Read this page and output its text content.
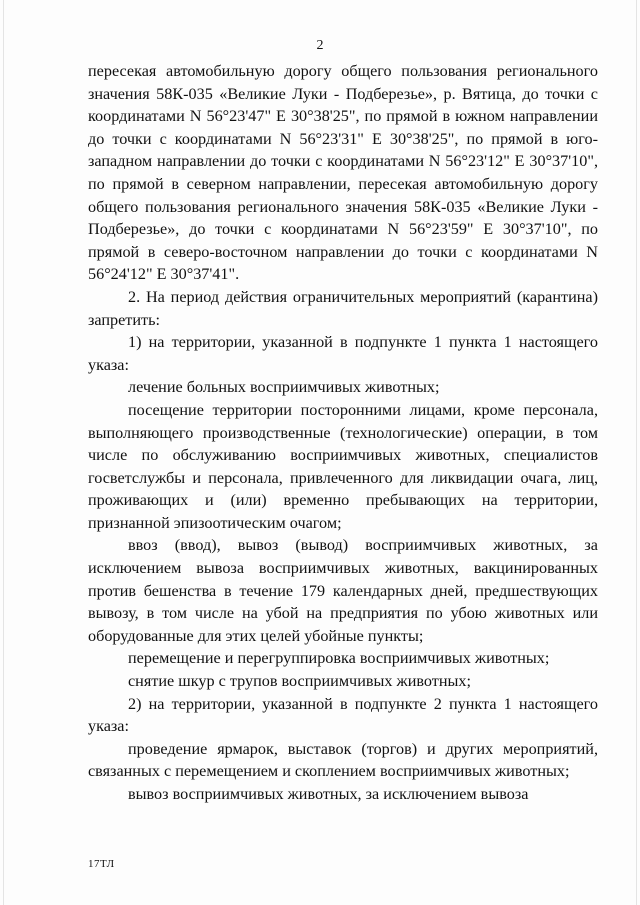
2

пересекая автомобильную дорогу общего пользования регионального значения 58К-035 «Великие Луки - Подберезье», р. Вятица, до точки с координатами N 56°23'47" E 30°38'25", по прямой в южном направлении до точки с координатами N 56°23'31" E 30°38'25", по прямой в юго-западном направлении до точки с координатами N 56°23'12" E 30°37'10", по прямой в северном направлении, пересекая автомобильную дорогу общего пользования регионального значения 58К-035 «Великие Луки - Подберезье», до точки с координатами N 56°23'59" E 30°37'10", по прямой в северо-восточном направлении до точки с координатами N 56°24'12" E 30°37'41".

2. На период действия ограничительных мероприятий (карантина) запретить:

1) на территории, указанной в подпункте 1 пункта 1 настоящего указа:

лечение больных восприимчивых животных;

посещение территории посторонними лицами, кроме персонала, выполняющего производственные (технологические) операции, в том числе по обслуживанию восприимчивых животных, специалистов госветслужбы и персонала, привлеченного для ликвидации очага, лиц, проживающих и (или) временно пребывающих на территории, признанной эпизоотическим очагом;

ввоз (ввод), вывоз (вывод) восприимчивых животных, за исключением вывоза восприимчивых животных, вакцинированных против бешенства в течение 179 календарных дней, предшествующих вывозу, в том числе на убой на предприятия по убою животных или оборудованные для этих целей убойные пункты;

перемещение и перегруппировка восприимчивых животных;

снятие шкур с трупов восприимчивых животных;

2) на территории, указанной в подпункте 2 пункта 1 настоящего указа:

проведение ярмарок, выставок (торгов) и других мероприятий, связанных с перемещением и скоплением восприимчивых животных;

вывоз восприимчивых животных, за исключением вывоза

17ТЛ
